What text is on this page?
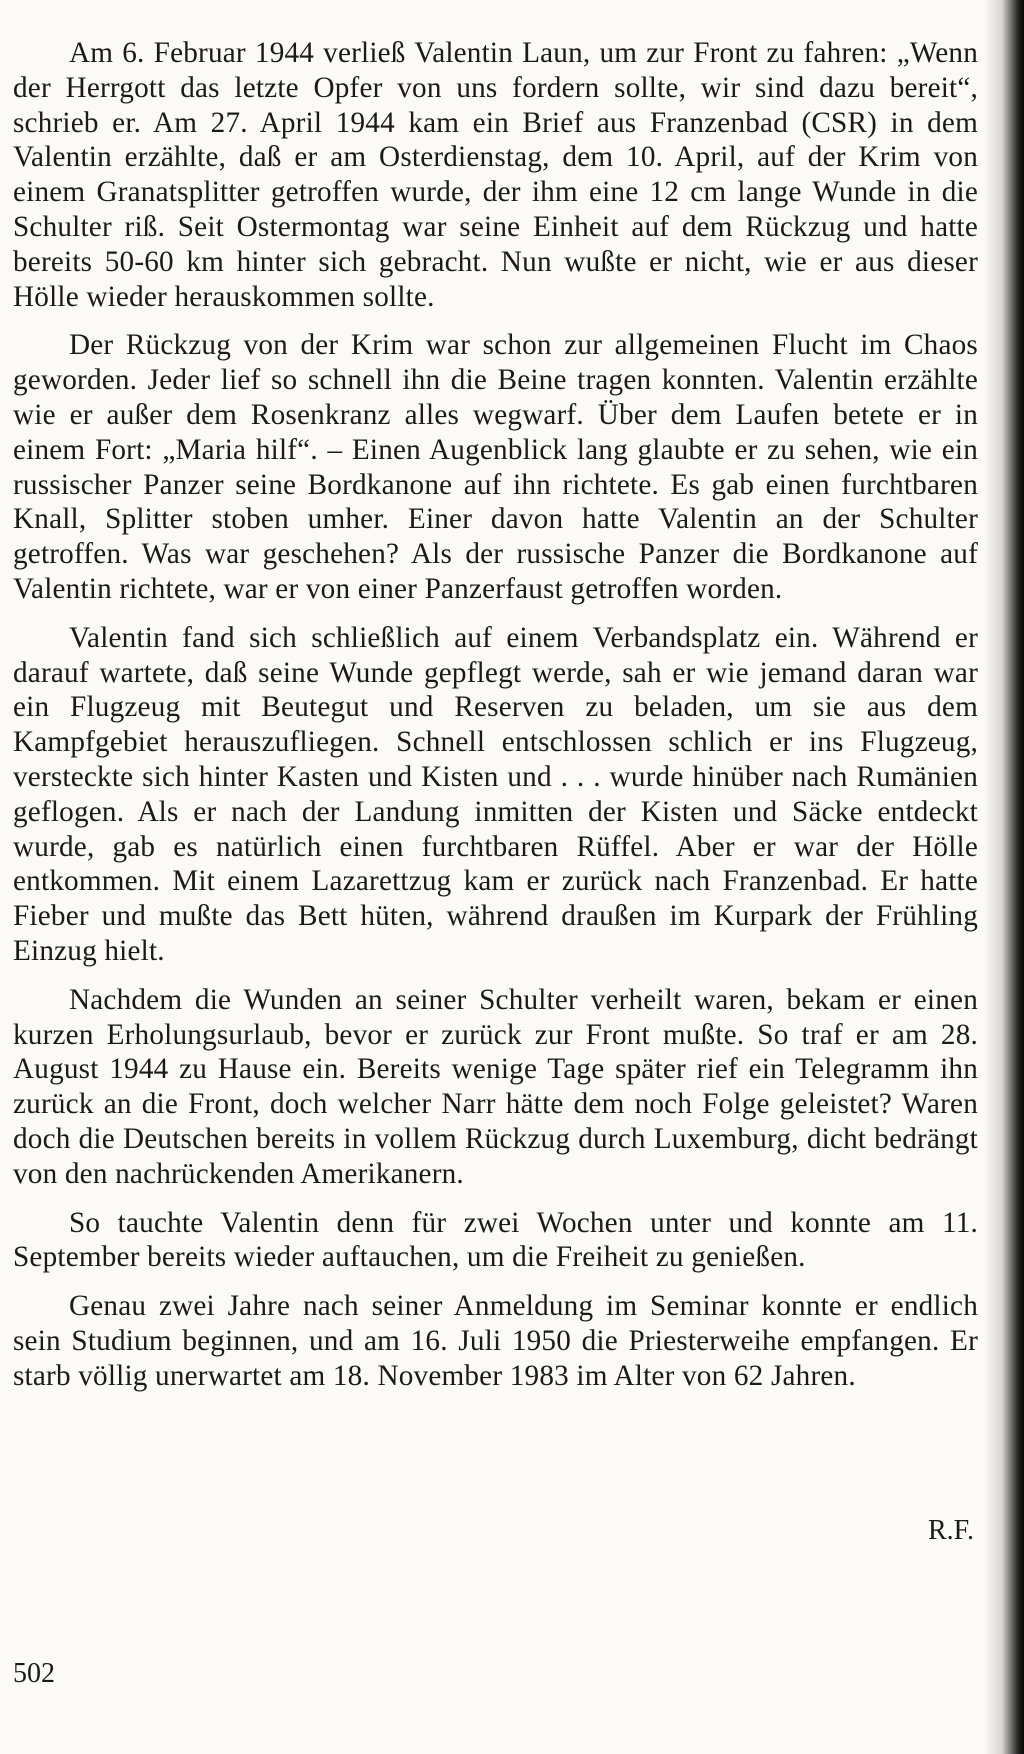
Am 6. Februar 1944 verließ Valentin Laun, um zur Front zu fahren: „Wenn der Herrgott das letzte Opfer von uns fordern sollte, wir sind dazu bereit“, schrieb er. Am 27. April 1944 kam ein Brief aus Franzenbad (CSR) in dem Valentin erzählte, daß er am Osterdienstag, dem 10. April, auf der Krim von einem Granatsplitter getroffen wurde, der ihm eine 12 cm lange Wunde in die Schulter riß. Seit Ostermontag war seine Einheit auf dem Rückzug und hatte bereits 50-60 km hinter sich gebracht. Nun wußte er nicht, wie er aus dieser Hölle wieder herauskommen sollte.

Der Rückzug von der Krim war schon zur allgemeinen Flucht im Chaos geworden. Jeder lief so schnell ihn die Beine tragen konnten. Valentin erzählte wie er außer dem Rosenkranz alles wegwarf. Über dem Laufen betete er in einem Fort: „Maria hilf“. – Einen Augenblick lang glaubte er zu sehen, wie ein russischer Panzer seine Bordkanone auf ihn richtete. Es gab einen furchtbaren Knall, Splitter stoben umher. Einer davon hatte Valentin an der Schulter getroffen. Was war geschehen? Als der russische Panzer die Bordkanone auf Valentin richtete, war er von einer Panzerfaust getroffen worden.

Valentin fand sich schließlich auf einem Verbandsplatz ein. Während er darauf wartete, daß seine Wunde gepflegt werde, sah er wie jemand daran war ein Flugzeug mit Beutegut und Reserven zu beladen, um sie aus dem Kampfgebiet herauszufliegen. Schnell entschlossen schlich er ins Flugzeug, versteckte sich hinter Kasten und Kisten und . . . wurde hinüber nach Rumänien geflogen. Als er nach der Landung inmitten der Kisten und Säcke entdeckt wurde, gab es natürlich einen furchtbaren Rüffel. Aber er war der Hölle entkommen. Mit einem Lazarettzug kam er zurück nach Franzenbad. Er hatte Fieber und mußte das Bett hüten, während draußen im Kurpark der Frühling Einzug hielt.

Nachdem die Wunden an seiner Schulter verheilt waren, bekam er einen kurzen Erholungsurlaub, bevor er zurück zur Front mußte. So traf er am 28. August 1944 zu Hause ein. Bereits wenige Tage später rief ein Telegramm ihn zurück an die Front, doch welcher Narr hätte dem noch Folge geleistet? Waren doch die Deutschen bereits in vollem Rückzug durch Luxemburg, dicht bedrängt von den nachrückenden Amerikanern.

So tauchte Valentin denn für zwei Wochen unter und konnte am 11. September bereits wieder auftauchen, um die Freiheit zu genießen.

Genau zwei Jahre nach seiner Anmeldung im Seminar konnte er endlich sein Studium beginnen, und am 16. Juli 1950 die Priesterweihe empfangen. Er starb völlig unerwartet am 18. November 1983 im Alter von 62 Jahren.

R.F.
502
